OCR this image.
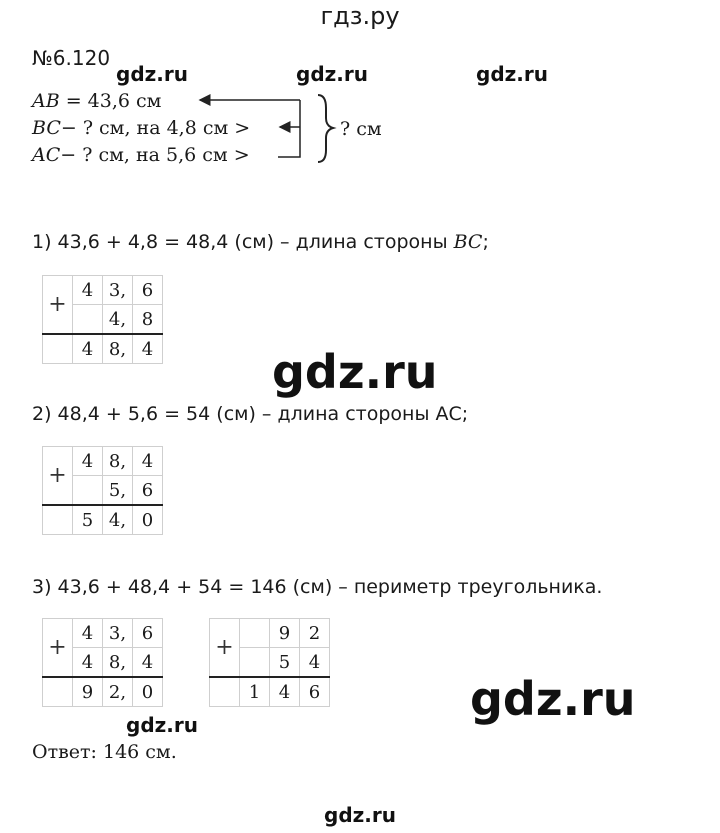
гдз.ру
№6.120
gdz.ru	gdz.ru	gdz.ru
AB = 43,6 см
BC− ? см, на 4,8 см >
AC− ? см, на 5,6 см >
? см
1) 43,6 + 4,8 = 48,4 (см) – длина стороны BC;
+	4	3,	6
		4,	8
	4	8,	4	gdz.ru
2) 48,4 + 5,6 = 54 (см) – длина стороны АС;
+	4	8,	4
		5,	6
	5	4,	0
3) 43,6 + 48,4 + 54 = 146 (см) – периметр треугольника.
+	4	3,	6
	4	8,	4
	9	2,	0
+		9	2
		5	4
	1	4	6	gdz.ru
gdz.ru
Ответ: 146 см.
gdz.ru
